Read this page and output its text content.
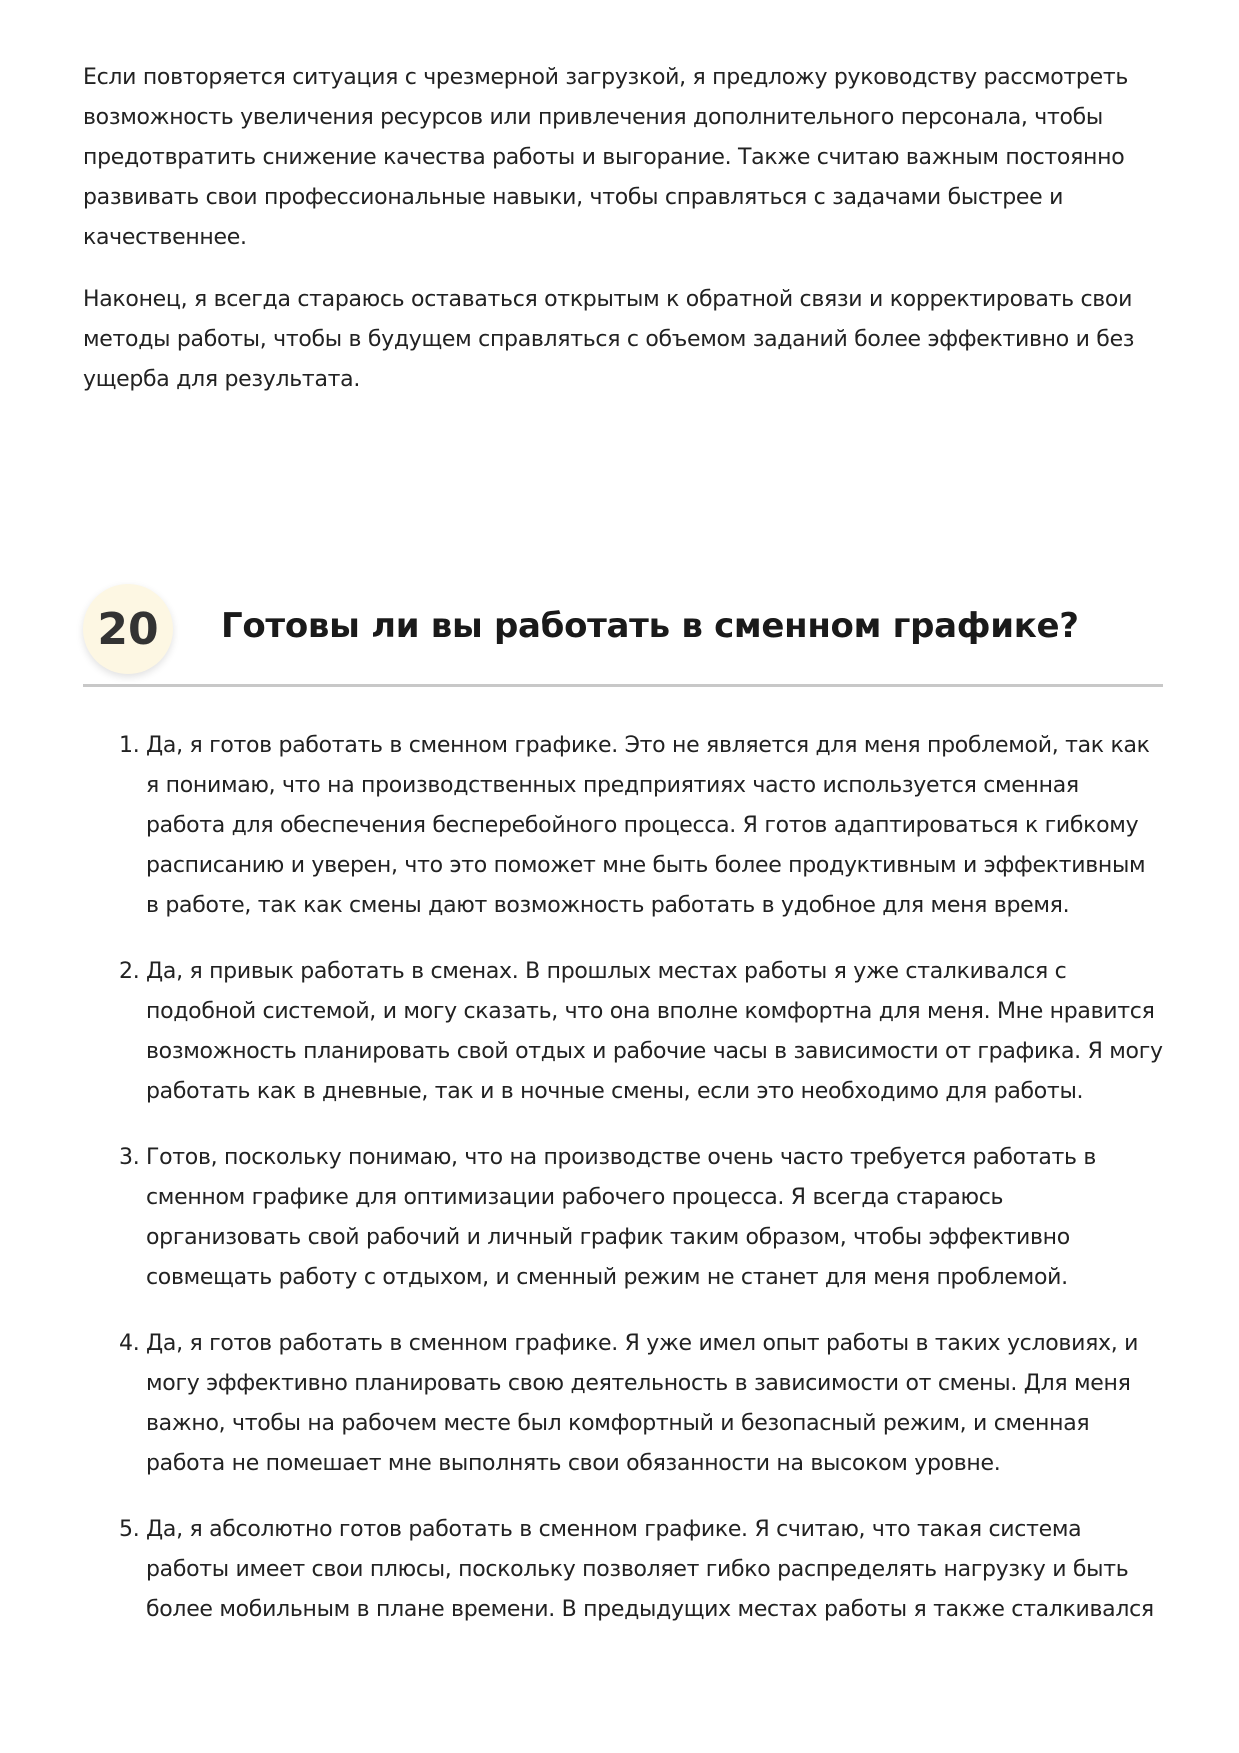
Если повторяется ситуация с чрезмерной загрузкой, я предложу руководству рассмотреть возможность увеличения ресурсов или привлечения дополнительного персонала, чтобы предотвратить снижение качества работы и выгорание. Также считаю важным постоянно развивать свои профессиональные навыки, чтобы справляться с задачами быстрее и качественнее.

Наконец, я всегда стараюсь оставаться открытым к обратной связи и корректировать свои методы работы, чтобы в будущем справляться с объемом заданий более эффективно и без ущерба для результата.

20	Готовы ли вы работать в сменном графике?
1. Да, я готов работать в сменном графике. Это не является для меня проблемой, так как я понимаю, что на производственных предприятиях часто используется сменная работа для обеспечения бесперебойного процесса. Я готов адаптироваться к гибкому расписанию и уверен, что это поможет мне быть более продуктивным и эффективным в работе, так как смены дают возможность работать в удобное для меня время.
2. Да, я привык работать в сменах. В прошлых местах работы я уже сталкивался с подобной системой, и могу сказать, что она вполне комфортна для меня. Мне нравится возможность планировать свой отдых и рабочие часы в зависимости от графика. Я могу работать как в дневные, так и в ночные смены, если это необходимо для работы.
3. Готов, поскольку понимаю, что на производстве очень часто требуется работать в сменном графике для оптимизации рабочего процесса. Я всегда стараюсь организовать свой рабочий и личный график таким образом, чтобы эффективно совмещать работу с отдыхом, и сменный режим не станет для меня проблемой.
4. Да, я готов работать в сменном графике. Я уже имел опыт работы в таких условиях, и могу эффективно планировать свою деятельность в зависимости от смены. Для меня важно, чтобы на рабочем месте был комфортный и безопасный режим, и сменная работа не помешает мне выполнять свои обязанности на высоком уровне.
5. Да, я абсолютно готов работать в сменном графике. Я считаю, что такая система работы имеет свои плюсы, поскольку позволяет гибко распределять нагрузку и быть более мобильным в плане времени. В предыдущих местах работы я также сталкивался
